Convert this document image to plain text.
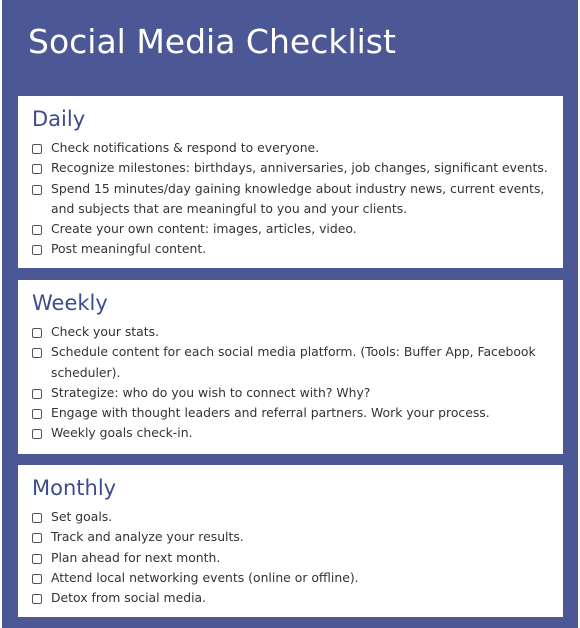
Social Media Checklist
Daily
Check notifications & respond to everyone.
Recognize milestones: birthdays, anniversaries, job changes, significant events.
Spend 15 minutes/day gaining knowledge about industry news, current events, and subjects that are meaningful to you and your clients.
Create your own content: images, articles, video.
Post meaningful content.
Weekly
Check your stats.
Schedule content for each social media platform. (Tools: Buffer App, Facebook scheduler).
Strategize: who do you wish to connect with? Why?
Engage with thought leaders and referral partners. Work your process.
Weekly goals check-in.
Monthly
Set goals.
Track and analyze your results.
Plan ahead for next month.
Attend local networking events (online or offline).
Detox from social media.
